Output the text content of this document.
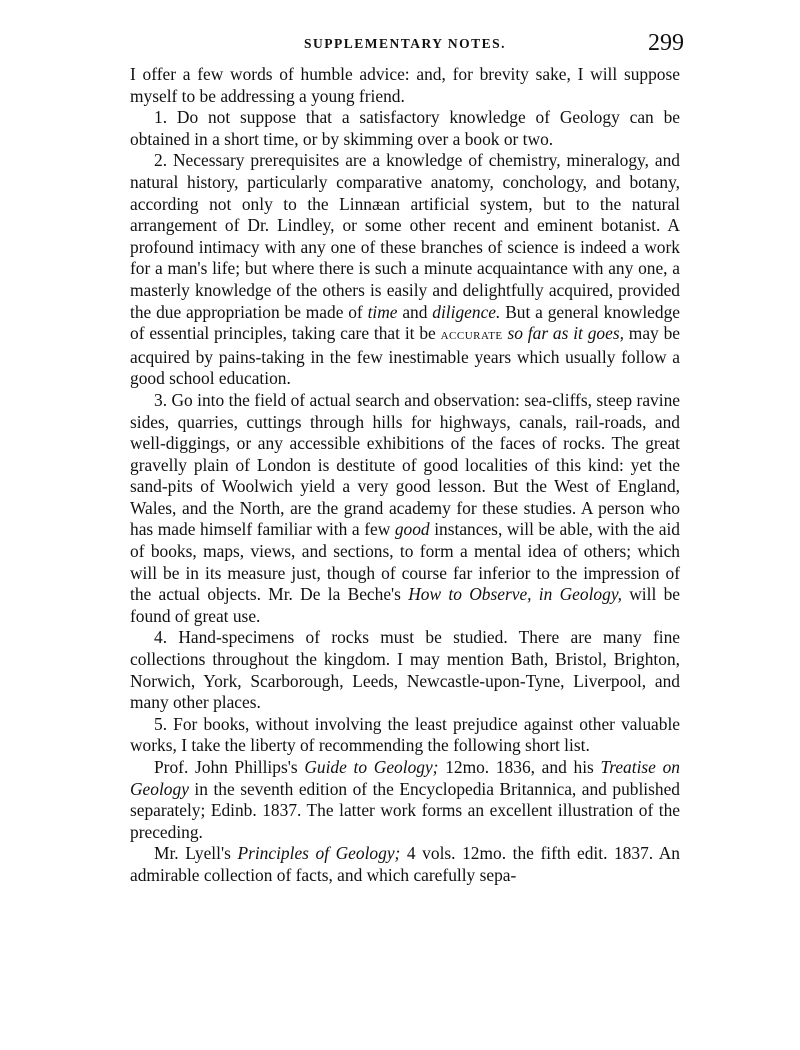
SUPPLEMENTARY NOTES.	299

I offer a few words of humble advice: and, for brevity sake, I will suppose myself to be addressing a young friend.

1. Do not suppose that a satisfactory knowledge of Geology can be obtained in a short time, or by skimming over a book or two.

2. Necessary prerequisites are a knowledge of chemistry, mineralogy, and natural history, particularly comparative anatomy, conchology, and botany, according not only to the Linnæan artificial system, but to the natural arrangement of Dr. Lindley, or some other recent and eminent botanist. A profound intimacy with any one of these branches of science is indeed a work for a man's life; but where there is such a minute acquaintance with any one, a masterly knowledge of the others is easily and delightfully acquired, provided the due appropriation be made of time and diligence. But a general knowledge of essential principles, taking care that it be accurate so far as it goes, may be acquired by pains-taking in the few inestimable years which usually follow a good school education.

3. Go into the field of actual search and observation: sea-cliffs, steep ravine sides, quarries, cuttings through hills for highways, canals, rail-roads, and well-diggings, or any accessible exhibitions of the faces of rocks. The great gravelly plain of London is destitute of good localities of this kind: yet the sand-pits of Woolwich yield a very good lesson. But the West of England, Wales, and the North, are the grand academy for these studies. A person who has made himself familiar with a few good instances, will be able, with the aid of books, maps, views, and sections, to form a mental idea of others; which will be in its measure just, though of course far inferior to the impression of the actual objects. Mr. De la Beche's How to Observe, in Geology, will be found of great use.

4. Hand-specimens of rocks must be studied. There are many fine collections throughout the kingdom. I may mention Bath, Bristol, Brighton, Norwich, York, Scarborough, Leeds, Newcastle-upon-Tyne, Liverpool, and many other places.

5. For books, without involving the least prejudice against other valuable works, I take the liberty of recommending the following short list.

Prof. John Phillips's Guide to Geology; 12mo. 1836, and his Treatise on Geology in the seventh edition of the Encyclopedia Britannica, and published separately; Edinb. 1837. The latter work forms an excellent illustration of the preceding.

Mr. Lyell's Principles of Geology; 4 vols. 12mo. the fifth edit. 1837. An admirable collection of facts, and which carefully sepa-
